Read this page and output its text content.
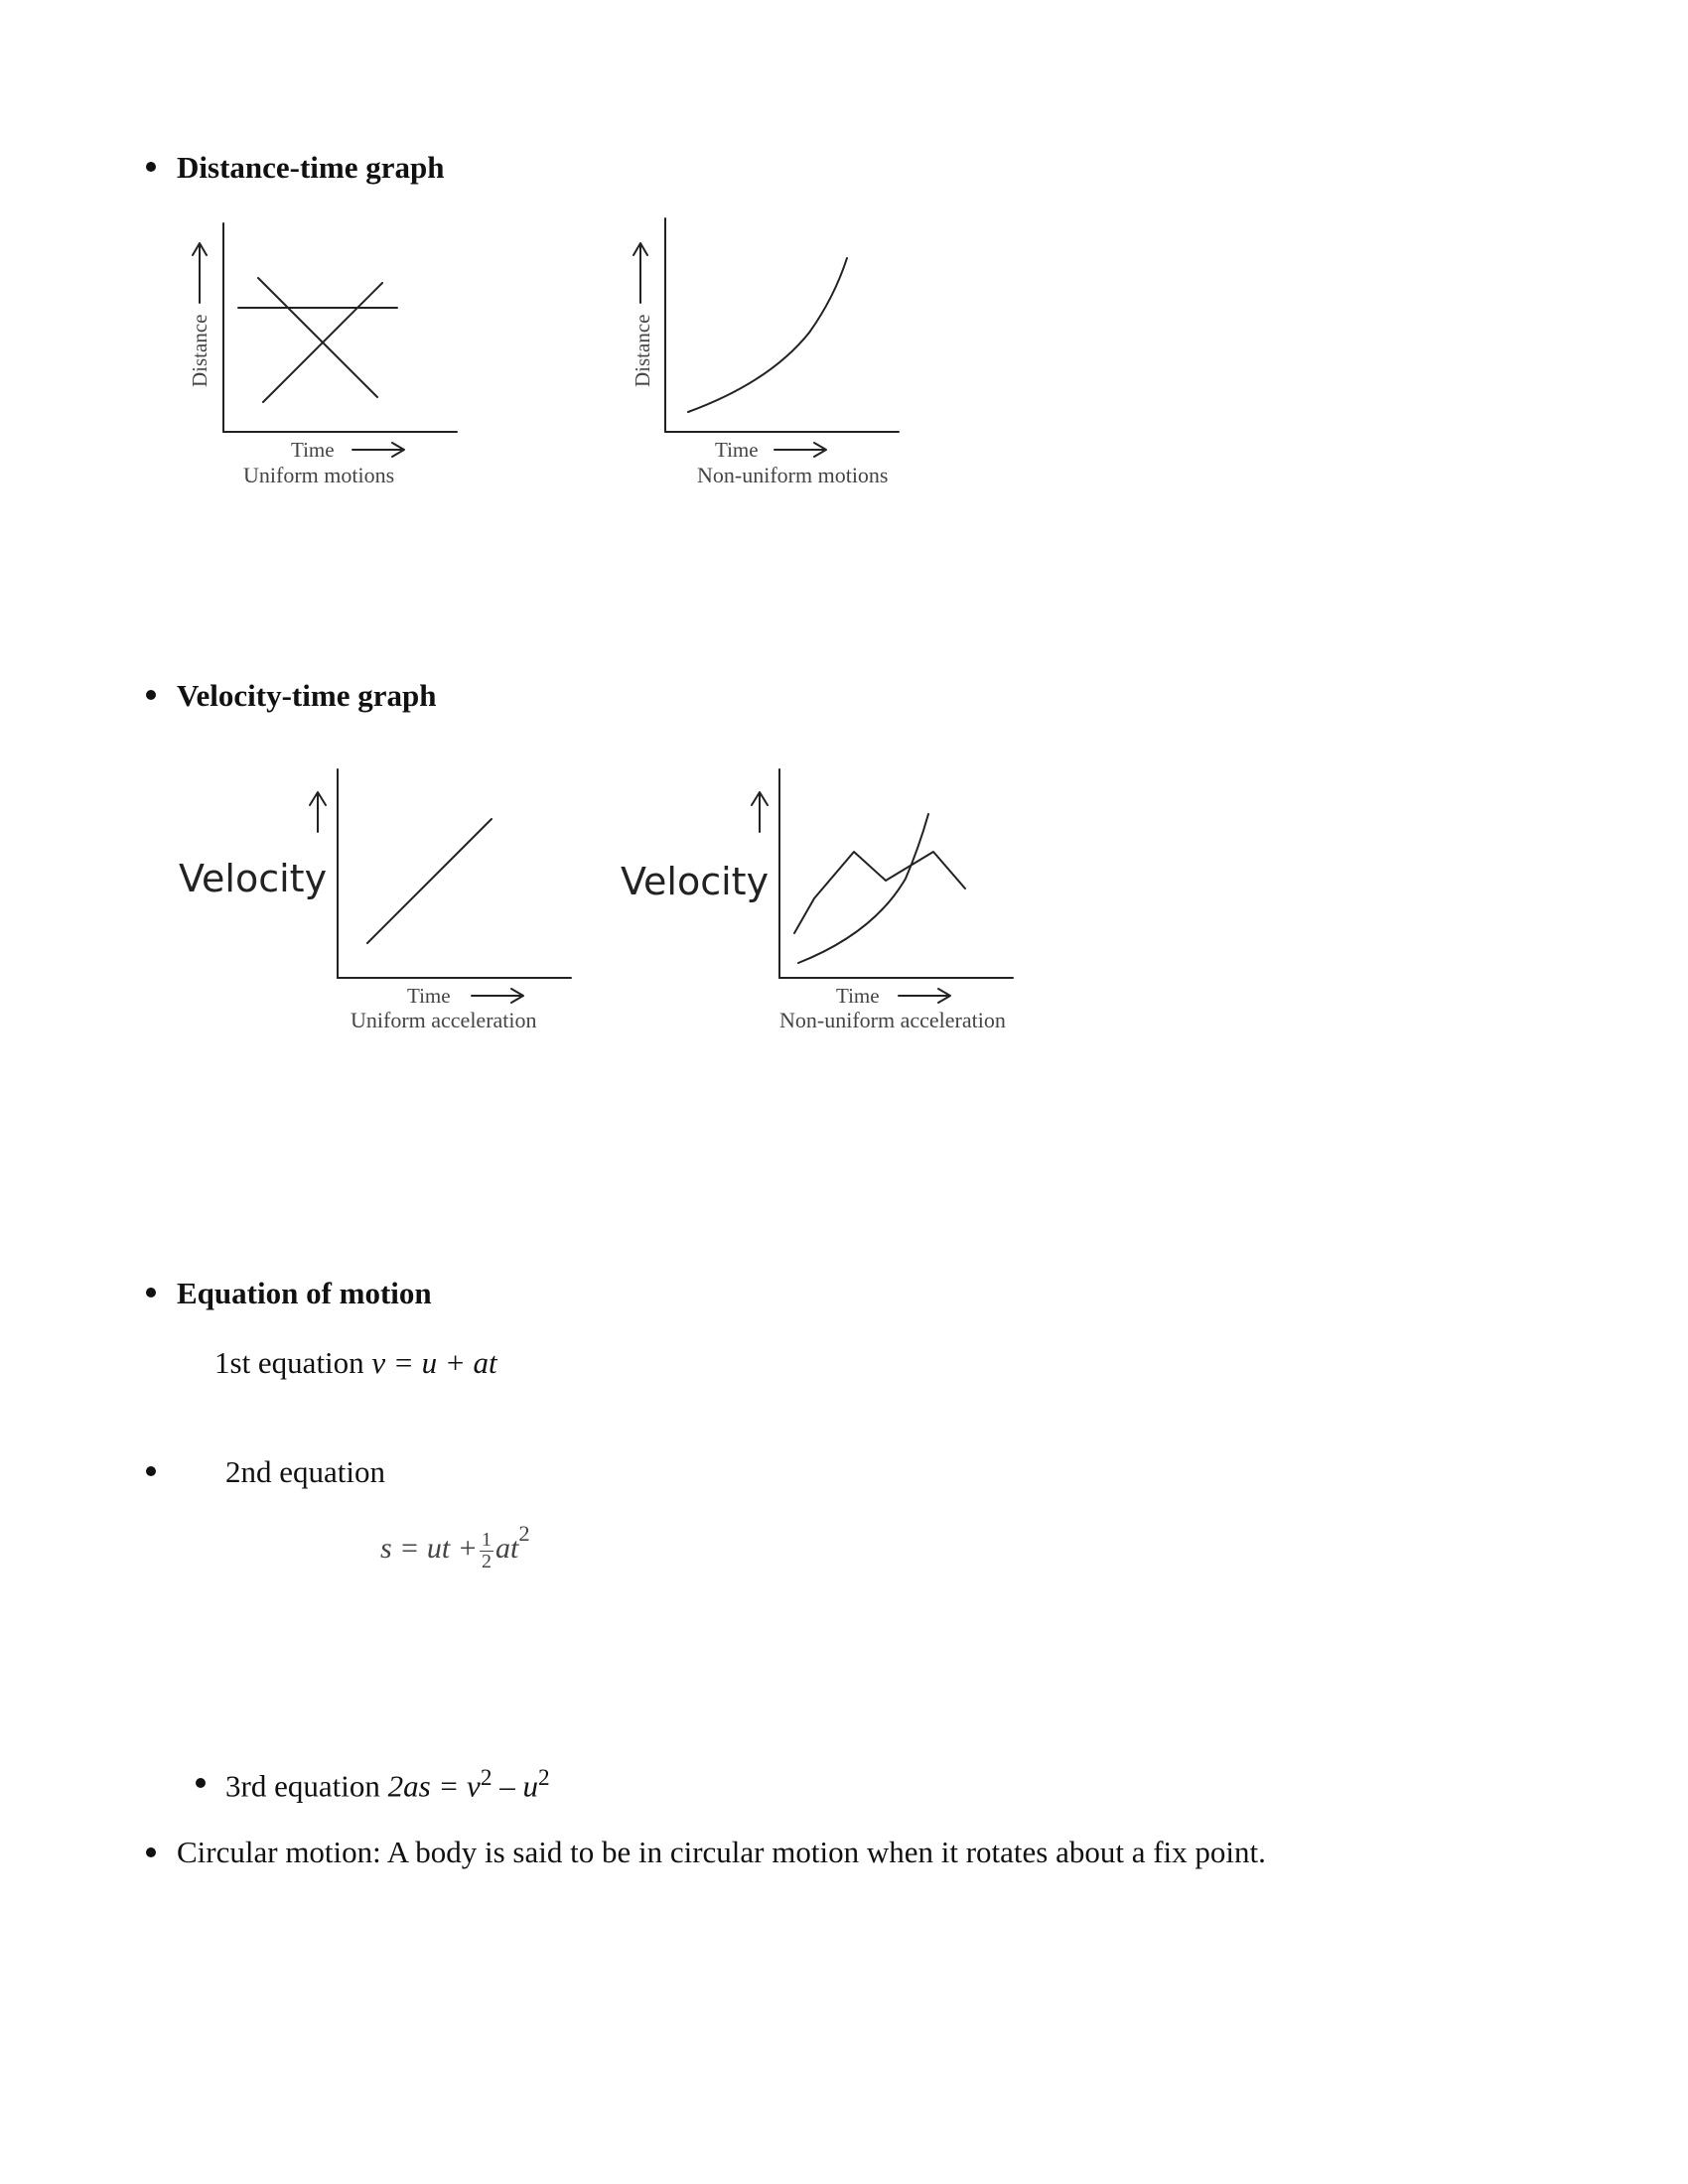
Distance-time graph
Distance
Time
Uniform motions
Distance
Time
Non-uniform motions
Velocity-time graph
Velocity
Time
Uniform acceleration
Velocity
Time
Non-uniform acceleration
Equation of motion
1st equation v = u + at
2nd equation
s = ut + $\frac{1}{2} at^2$
3rd equation $2as = v^2 - u^2$
Circular motion: A body is said to be in circular motion when it rotates about a fix point.
